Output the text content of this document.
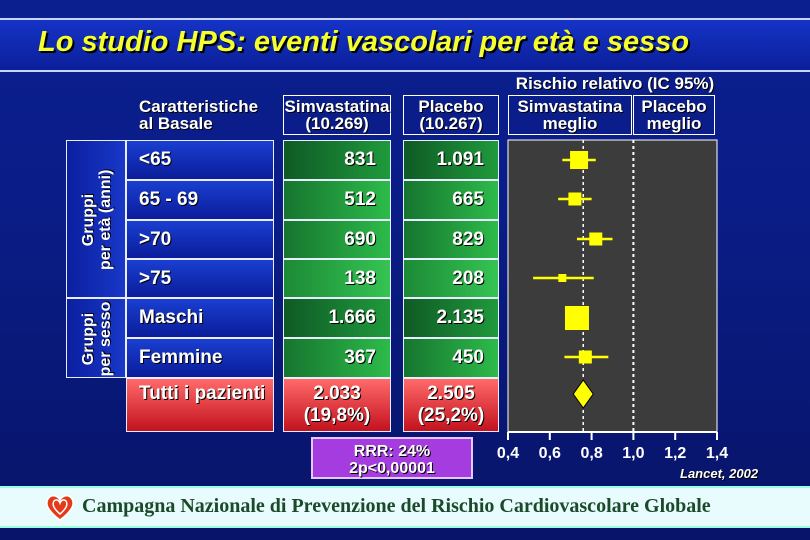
Lo studio HPS: eventi vascolari per età e sesso
Caratteristiche
al Basale
Simvastatina
(10.269)
Placebo
(10.267)
Rischio relativo (IC 95%)
Simvastatina
meglio
Placebo
meglio
Gruppi per età (anni)
Gruppi per sesso
<65
65 - 69
>70
>75
Maschi
Femmine
Tutti i pazienti
831
512
690
138
1.666
367
2.033
(19,8%)
1.091
665
829
208
2.135
450
2.505
(25,2%)
RRR: 24%
2p<0,00001
0,4 0,6 0,8 1,0 1,2 1,4
Lancet, 2002
Campagna Nazionale di Prevenzione del Rischio Cardiovascolare Globale
